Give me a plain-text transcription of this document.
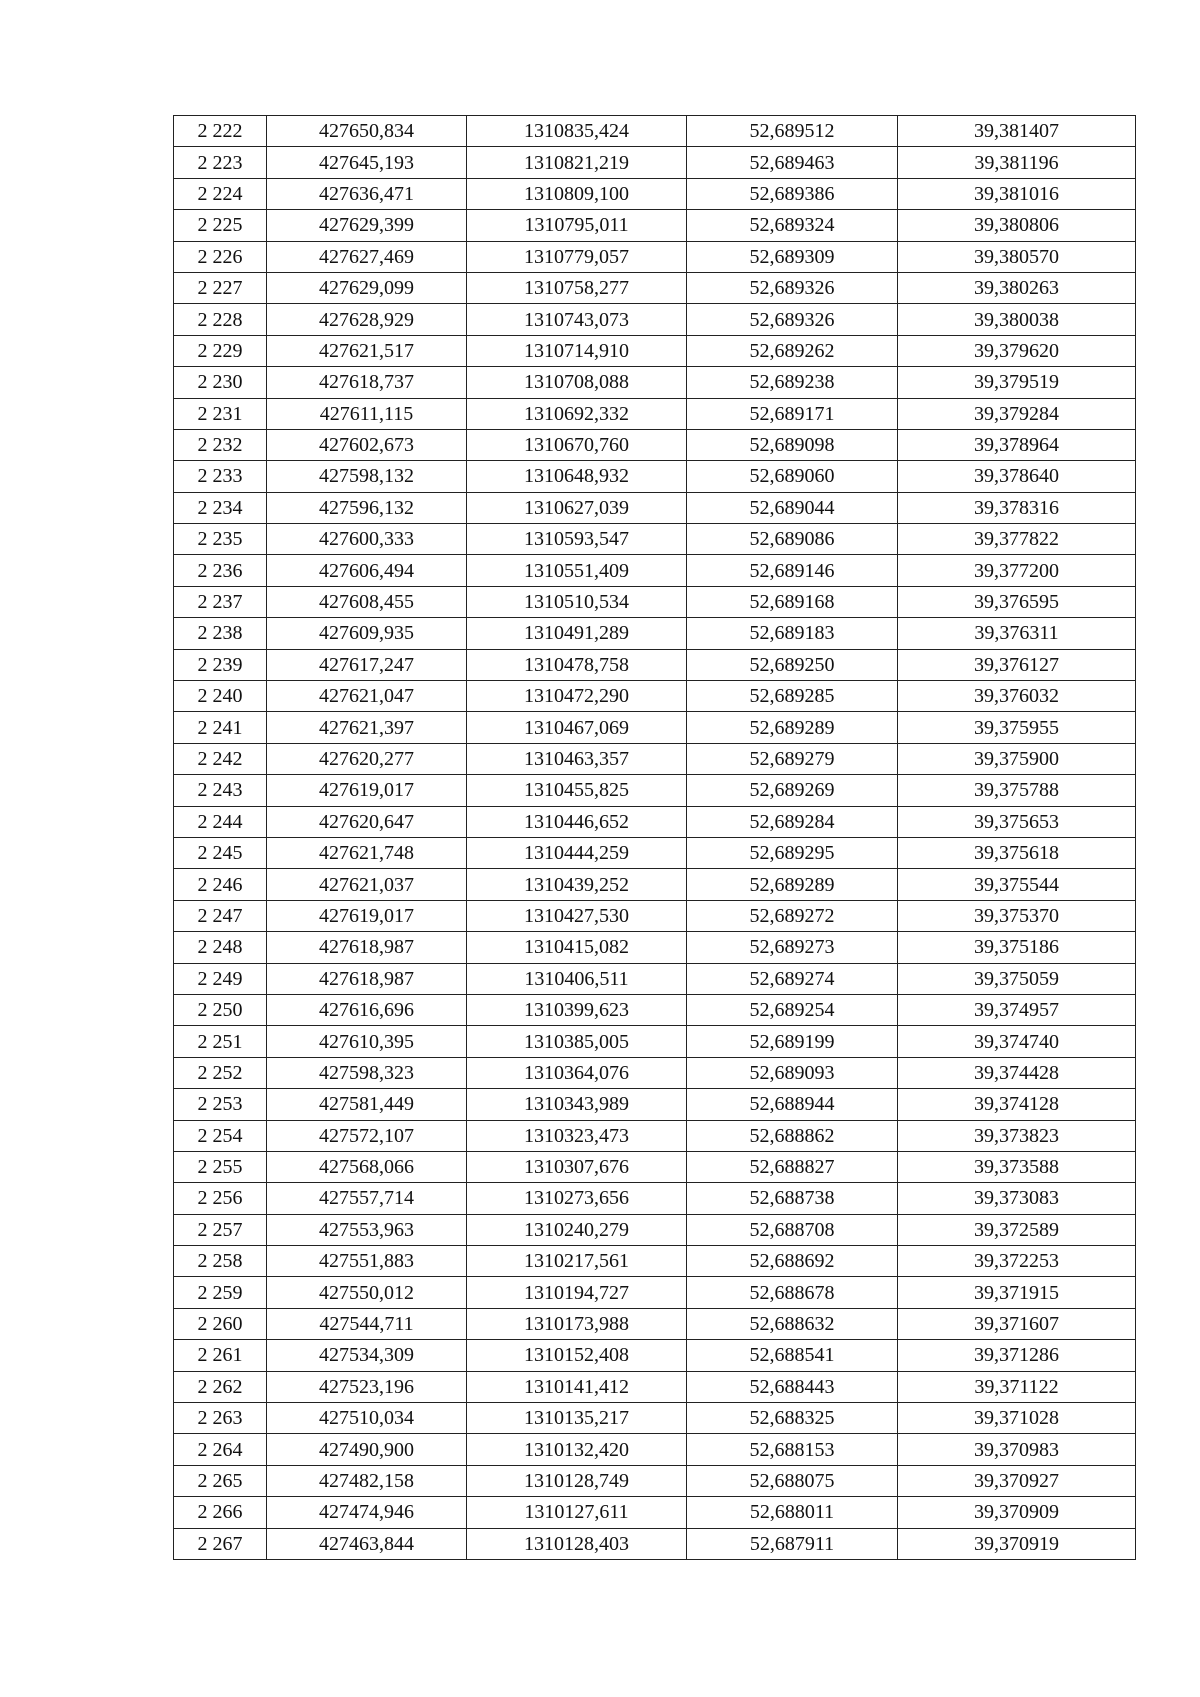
2 222	427650,834	1310835,424	52,689512	39,381407
2 223	427645,193	1310821,219	52,689463	39,381196
2 224	427636,471	1310809,100	52,689386	39,381016
2 225	427629,399	1310795,011	52,689324	39,380806
2 226	427627,469	1310779,057	52,689309	39,380570
2 227	427629,099	1310758,277	52,689326	39,380263
2 228	427628,929	1310743,073	52,689326	39,380038
2 229	427621,517	1310714,910	52,689262	39,379620
2 230	427618,737	1310708,088	52,689238	39,379519
2 231	427611,115	1310692,332	52,689171	39,379284
2 232	427602,673	1310670,760	52,689098	39,378964
2 233	427598,132	1310648,932	52,689060	39,378640
2 234	427596,132	1310627,039	52,689044	39,378316
2 235	427600,333	1310593,547	52,689086	39,377822
2 236	427606,494	1310551,409	52,689146	39,377200
2 237	427608,455	1310510,534	52,689168	39,376595
2 238	427609,935	1310491,289	52,689183	39,376311
2 239	427617,247	1310478,758	52,689250	39,376127
2 240	427621,047	1310472,290	52,689285	39,376032
2 241	427621,397	1310467,069	52,689289	39,375955
2 242	427620,277	1310463,357	52,689279	39,375900
2 243	427619,017	1310455,825	52,689269	39,375788
2 244	427620,647	1310446,652	52,689284	39,375653
2 245	427621,748	1310444,259	52,689295	39,375618
2 246	427621,037	1310439,252	52,689289	39,375544
2 247	427619,017	1310427,530	52,689272	39,375370
2 248	427618,987	1310415,082	52,689273	39,375186
2 249	427618,987	1310406,511	52,689274	39,375059
2 250	427616,696	1310399,623	52,689254	39,374957
2 251	427610,395	1310385,005	52,689199	39,374740
2 252	427598,323	1310364,076	52,689093	39,374428
2 253	427581,449	1310343,989	52,688944	39,374128
2 254	427572,107	1310323,473	52,688862	39,373823
2 255	427568,066	1310307,676	52,688827	39,373588
2 256	427557,714	1310273,656	52,688738	39,373083
2 257	427553,963	1310240,279	52,688708	39,372589
2 258	427551,883	1310217,561	52,688692	39,372253
2 259	427550,012	1310194,727	52,688678	39,371915
2 260	427544,711	1310173,988	52,688632	39,371607
2 261	427534,309	1310152,408	52,688541	39,371286
2 262	427523,196	1310141,412	52,688443	39,371122
2 263	427510,034	1310135,217	52,688325	39,371028
2 264	427490,900	1310132,420	52,688153	39,370983
2 265	427482,158	1310128,749	52,688075	39,370927
2 266	427474,946	1310127,611	52,688011	39,370909
2 267	427463,844	1310128,403	52,687911	39,370919
